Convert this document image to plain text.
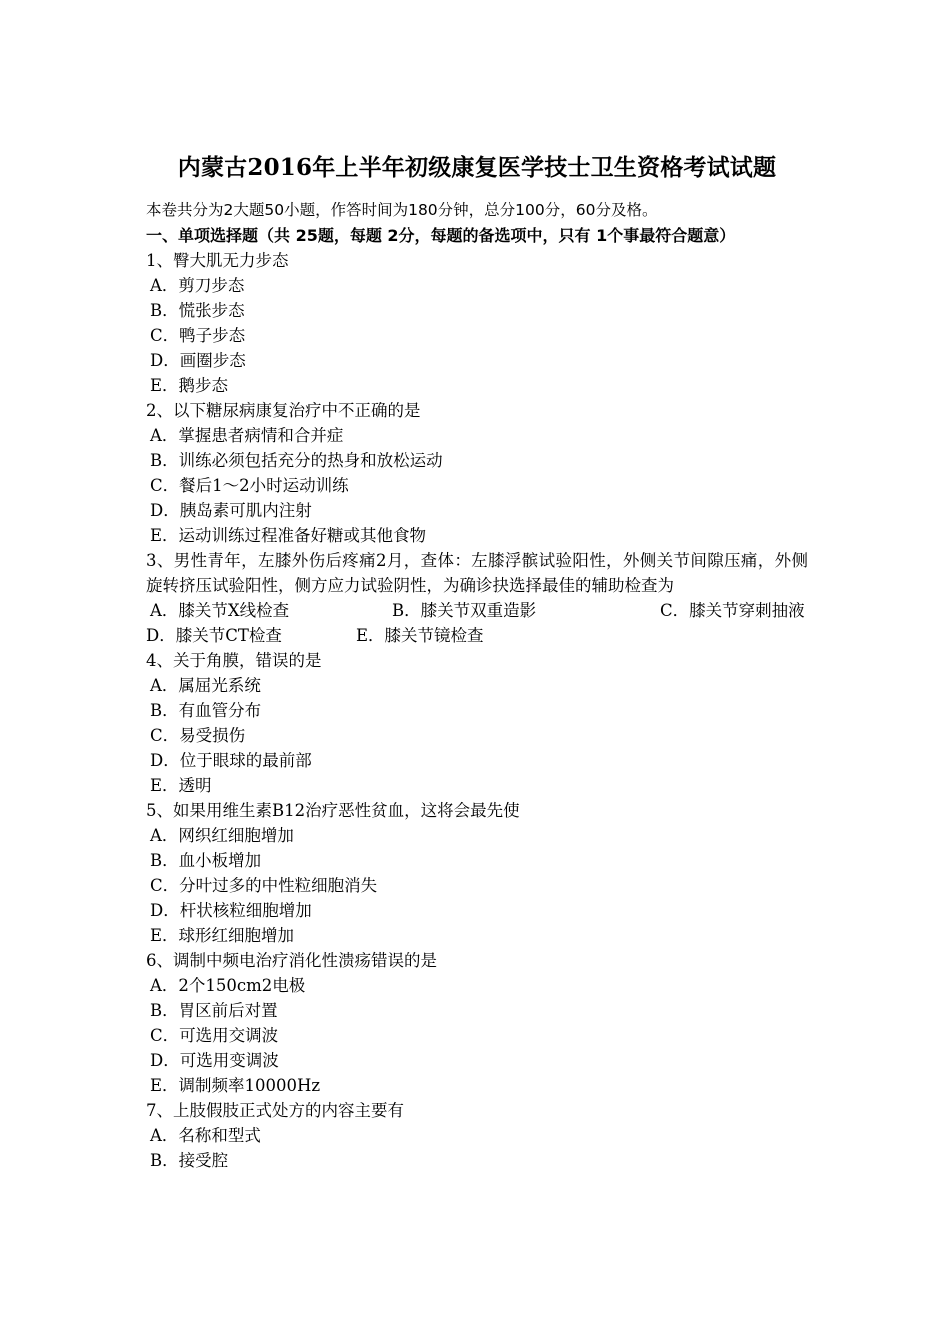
内蒙古2016年上半年初级康复医学技士卫生资格考试试题
本卷共分为2大题50小题，作答时间为180分钟，总分100分，60分及格。
一、单项选择题（共 25题，每题 2分，每题的备选项中，只有 1个事最符合题意）
1、臀大肌无力步态
A．剪刀步态
B．慌张步态
C．鸭子步态
D．画圈步态
E．鹅步态
2、以下糖尿病康复治疗中不正确的是
A．掌握患者病情和合并症
B．训练必须包括充分的热身和放松运动
C．餐后1～2小时运动训练
D．胰岛素可肌内注射
E．运动训练过程准备好糖或其他食物
3、男性青年，左膝外伤后疼痛2月，查体：左膝浮髌试验阳性，外侧关节间隙压痛，外侧旋转挤压试验阳性，侧方应力试验阴性，为确诊抉选择最佳的辅助检查为
A．膝关节X线检查	B．膝关节双重造影	C．膝关节穿刺抽液
D．膝关节CT检查	E．膝关节镜检查
4、关于角膜，错误的是
A．属屈光系统
B．有血管分布
C．易受损伤
D．位于眼球的最前部
E．透明
5、如果用维生素B12治疗恶性贫血，这将会最先使
A．网织红细胞增加
B．血小板增加
C．分叶过多的中性粒细胞消失
D．杆状核粒细胞增加
E．球形红细胞增加
6、调制中频电治疗消化性溃疡错误的是
A．2个150cm2电极
B．胃区前后对置
C．可选用交调波
D．可选用变调波
E．调制频率10000Hz
7、上肢假肢正式处方的内容主要有
A．名称和型式
B．接受腔
